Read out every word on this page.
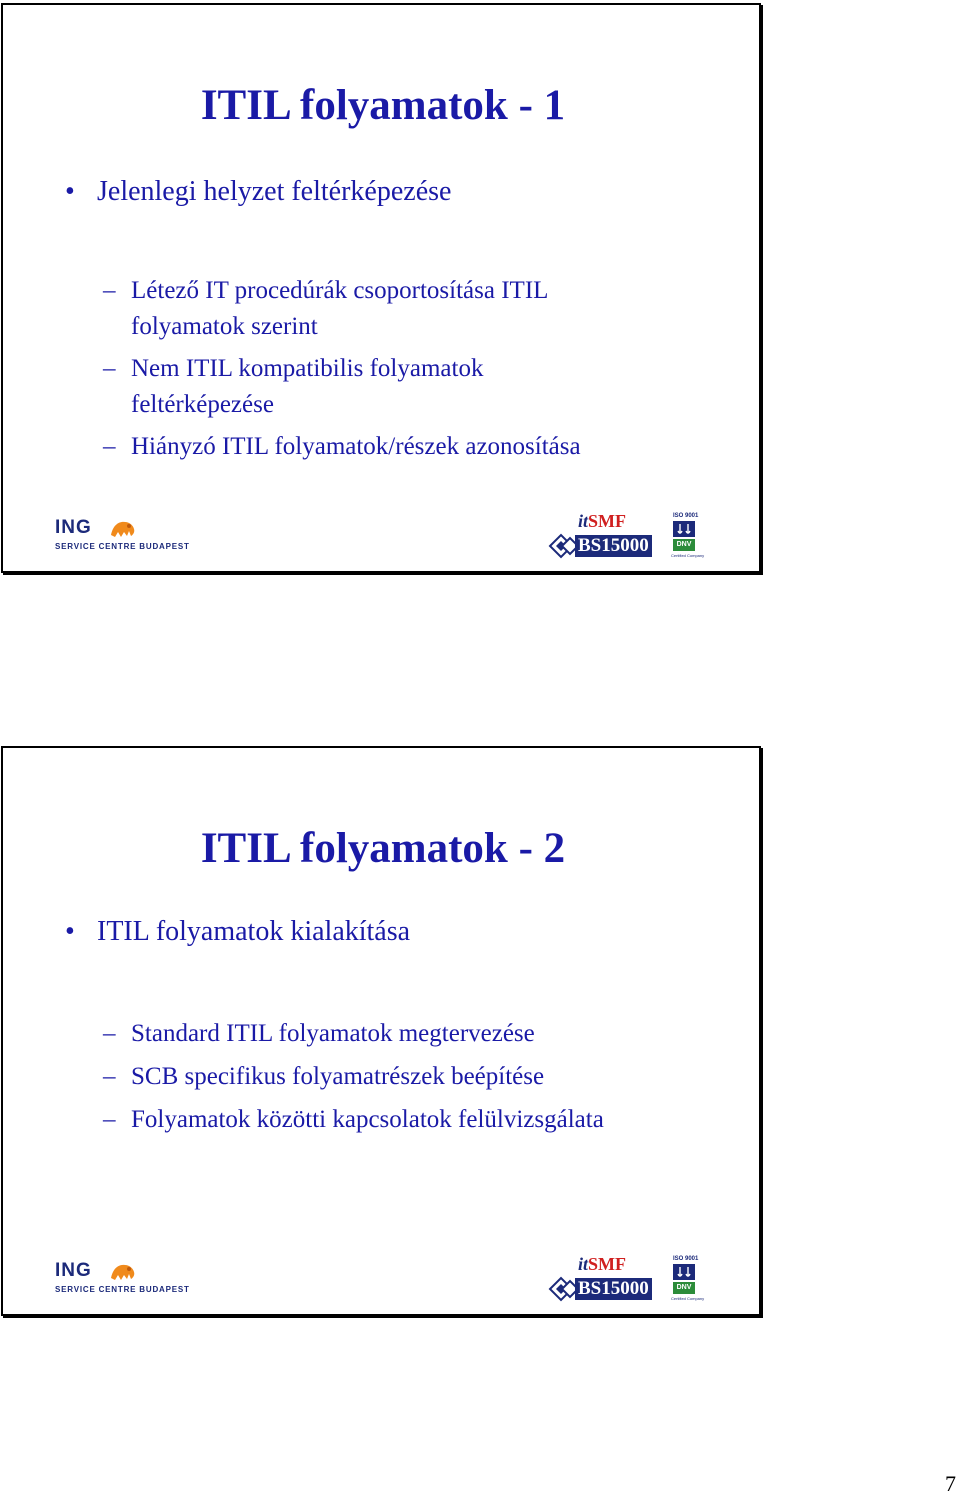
ITIL folyamatok - 1
• Jelenlegi helyzet feltérképezése
– Létező IT procedúrák csoportosítása ITIL folyamatok szerint
– Nem ITIL kompatibilis folyamatok feltérképezése
– Hiányzó ITIL folyamatok/részek azonosítása
ING
SERVICE CENTRE BUDAPEST
itSMF
BS15000
ISO 9001
DNV
Certified Company
ITIL folyamatok - 2
• ITIL folyamatok kialakítása
– Standard ITIL folyamatok megtervezése
– SCB specifikus folyamatrészek beépítése
– Folyamatok közötti kapcsolatok felülvizsgálata
ING
SERVICE CENTRE BUDAPEST
itSMF
BS15000
ISO 9001
DNV
Certified Company
7
